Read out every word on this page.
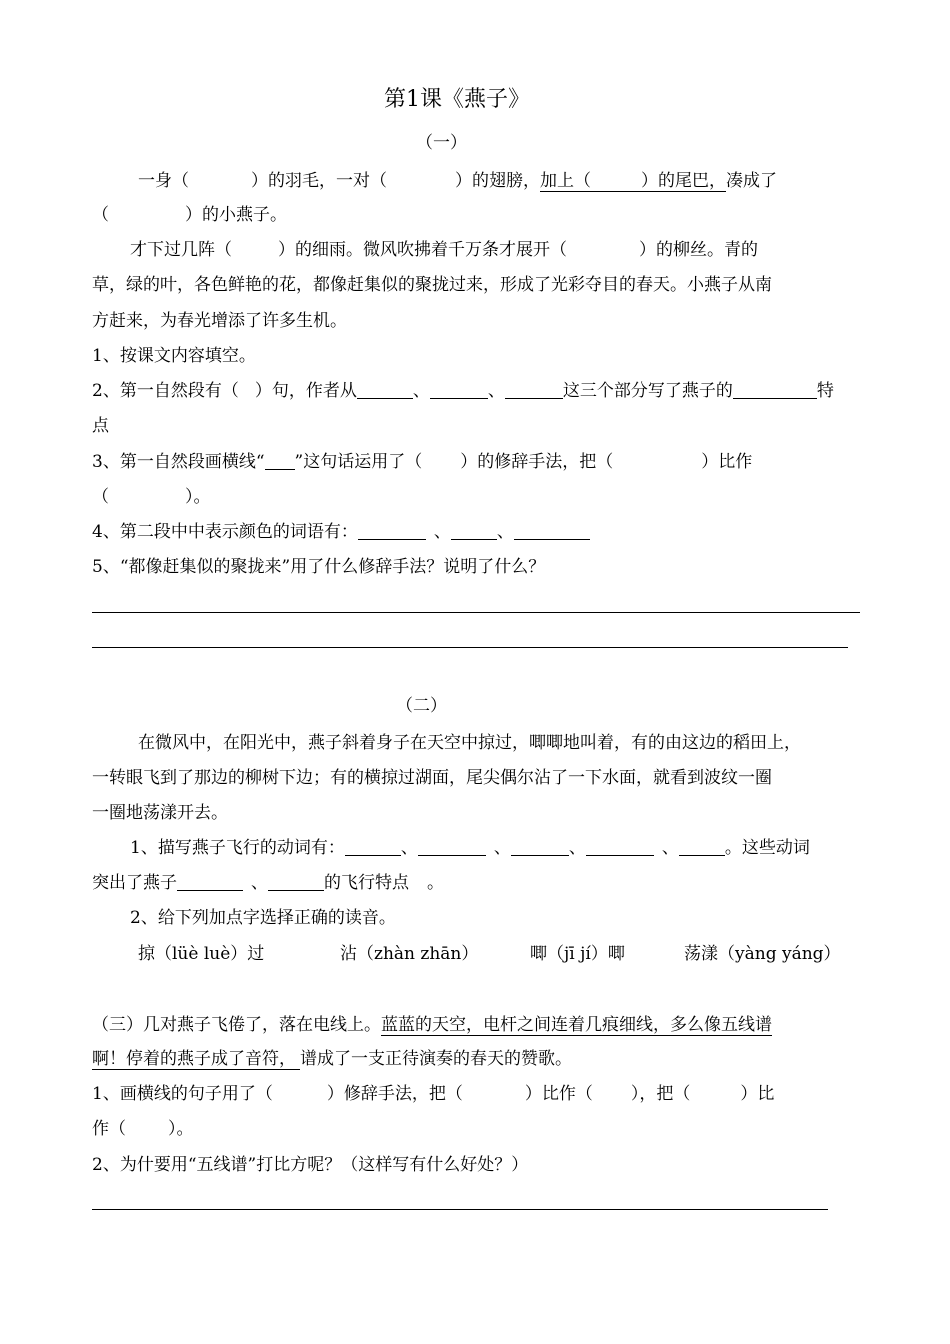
第1课《燕子》
（一）
一身（	）的羽毛，一对（	）的翅膀，加上（	）的尾巴，凑成了
（	）的小燕子。
才下过几阵（	）的细雨。微风吹拂着千万条才展开（	）的柳丝。青的
草，绿的叶，各色鲜艳的花，都像赶集似的聚拢过来，形成了光彩夺目的春天。小燕子从南
方赶来，为春光增添了许多生机。
1、按课文内容填空。
2、第一自然段有（ ）句，作者从	、	、	这三个部分写了燕子的	特
点
3、第一自然段画横线“ ”这句话运用了（ ）的修辞手法，把（	）比作
（	）。
4、第二段中中表示颜色的词语有：	、	、
5、“都像赶集似的聚拢来”用了什么修辞手法？说明了什么？
（二）
在微风中，在阳光中，燕子斜着身子在天空中掠过，唧唧地叫着，有的由这边的稻田上，
一转眼飞到了那边的柳树下边；有的横掠过湖面，尾尖偶尔沾了一下水面，就看到波纹一圈
一圈地荡漾开去。
1、描写燕子飞行的动词有：	、	、	、	、	。这些动词
突出了燕子	、	的飞行特点 。
2、给下列加点字选择正确的读音。
掠（lüè luè）过	沾（zhàn zhān）	唧（jī jí）唧	荡漾（yàng yáng）
（三）几对燕子飞倦了，落在电线上。蓝蓝的天空，电杆之间连着几痕细线，多么像五线谱
啊！停着的燕子成了音符， 谱成了一支正待演奏的春天的赞歌。
1、画横线的句子用了（	）修辞手法，把（	）比作（ ），把（	）比
作（ ）。
2、为什要用“五线谱”打比方呢？（这样写有什么好处？）
